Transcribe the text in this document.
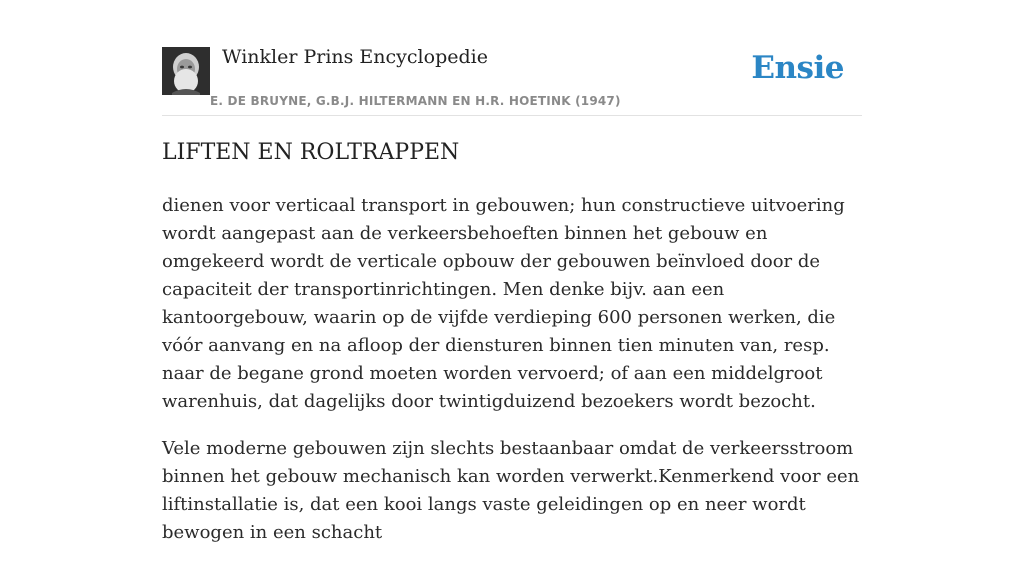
Winkler Prins Encyclopedie
E. DE BRUYNE, G.B.J. HILTERMANN EN H.R. HOETINK (1947)
Ensie
LIFTEN EN ROLTRAPPEN

dienen voor verticaal transport in gebouwen; hun constructieve uitvoering wordt aangepast aan de verkeersbehoeften binnen het gebouw en omgekeerd wordt de verticale opbouw der gebouwen beïnvloed door de capaciteit der transportinrichtingen. Men denke bijv. aan een kantoorgebouw, waarin op de vijfde verdieping 600 personen werken, die vóór aanvang en na afloop der diensturen binnen tien minuten van, resp. naar de begane grond moeten worden vervoerd; of aan een middelgroot warenhuis, dat dagelijks door twintigduizend bezoekers wordt bezocht.

Vele moderne gebouwen zijn slechts bestaanbaar omdat de verkeersstroom binnen het gebouw mechanisch kan worden verwerkt.Kenmerkend voor een liftinstallatie is, dat een kooi langs vaste geleidingen op en neer wordt bewogen in een schacht
